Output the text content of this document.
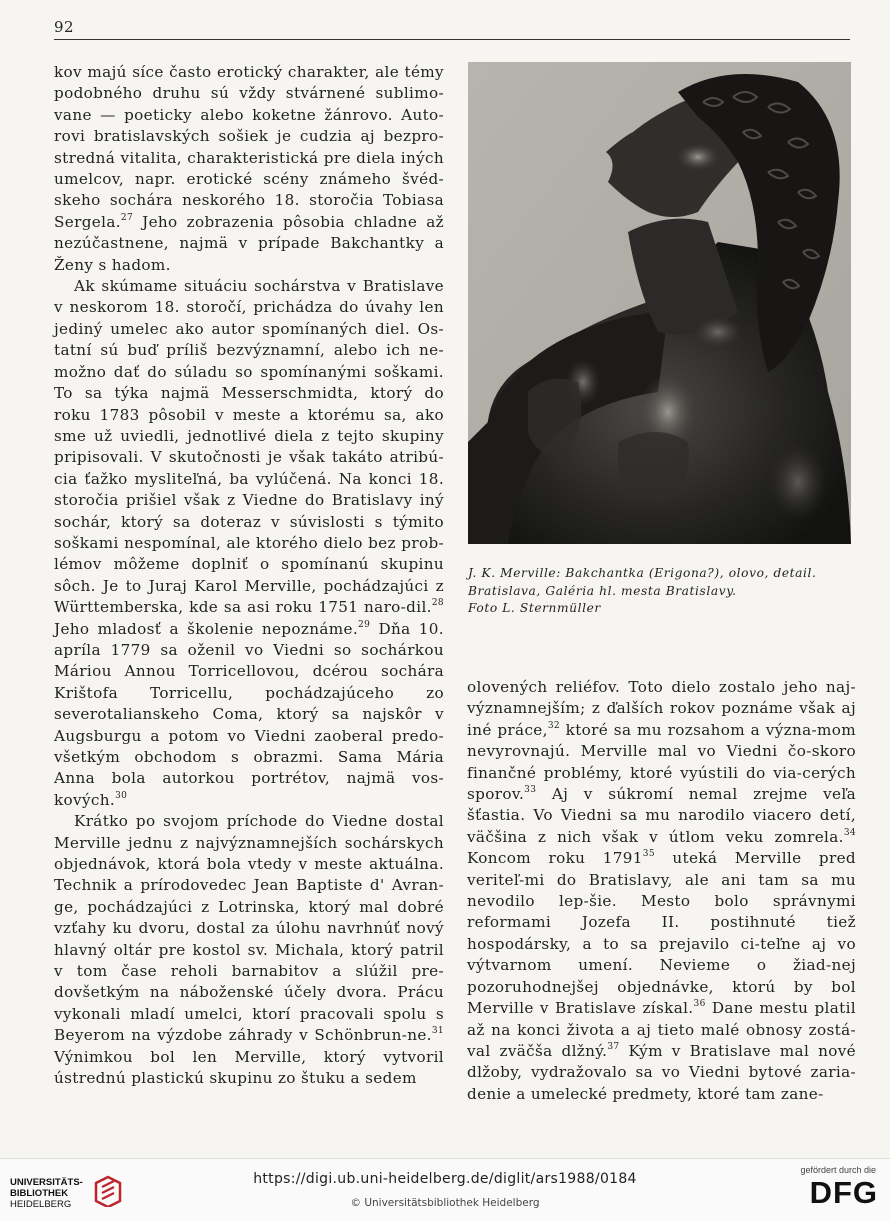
92

kov majú síce často erotický charakter, ale témy podobného druhu sú vždy stvárnené sublimo-vane — poeticky alebo koketne žánrovo. Auto-rovi bratislavských sošiek je cudzia aj bezpro-stredná vitalita, charakteristická pre diela iných umelcov, napr. erotické scény známeho švéd-skeho sochára neskorého 18. storočia Tobiasa Sergela.$^{27}$ Jeho zobrazenia pôsobia chladne až nezúčastnene, najmä v prípade Bakchantky a Ženy s hadom.

Ak skúmame situáciu sochárstva v Bratislave v neskorom 18. storočí, prichádza do úvahy len jediný umelec ako autor spomínaných diel. Os-tatní sú buď príliš bezvýznamní, alebo ich ne-možno dať do súladu so spomínanými soškami. To sa týka najmä Messerschmidta, ktorý do roku 1783 pôsobil v meste a ktorému sa, ako sme už uviedli, jednotlivé diela z tejto skupiny pripisovali. V skutočnosti je však takáto atribú-cia ťažko mysliteľná, ba vylúčená. Na konci 18. storočia prišiel však z Viedne do Bratislavy iný sochár, ktorý sa doteraz v súvislosti s týmito soškami nespomínal, ale ktorého dielo bez prob-lémov môžeme doplniť o spomínanú skupinu sôch. Je to Juraj Karol Merville, pochádzajúci z Württemberska, kde sa asi roku 1751 naro-dil.$^{28}$ Jeho mladosť a školenie nepoznáme.$^{29}$ Dňa 10. apríla 1779 sa oženil vo Viedni so sochárkou Máriou Annou Torricellovou, dcérou sochára Krištofa Torricellu, pochádzajúceho zo severotalianskeho Coma, ktorý sa najskôr v Augsburgu a potom vo Viedni zaoberal predo-všetkým obchodom s obrazmi. Sama Mária Anna bola autorkou portrétov, najmä vos-kových.$^{30}$

Krátko po svojom príchode do Viedne dostal Merville jednu z najvýznamnejších sochárskych objednávok, ktorá bola vtedy v meste aktuálna. Technik a prírodovedec Jean Baptiste d' Avran-ge, pochádzajúci z Lotrinska, ktorý mal dobré vzťahy ku dvoru, dostal za úlohu navrhnúť nový hlavný oltár pre kostol sv. Michala, ktorý patril v tom čase reholi barnabitov a slúžil pre-dovšetkým na náboženské účely dvora. Prácu vykonali mladí umelci, ktorí pracovali spolu s Beyerom na výzdobe záhrady v Schönbrun-ne.$^{31}$ Výnimkou bol len Merville, ktorý vytvoril ústrednú plastickú skupinu zo štuku a sedem

J. K. Merville: Bakchantka (Erigona?), olovo, detail.
Bratislava, Galéria hl. mesta Bratislavy.
Foto L. Sternmüller

olovených reliéfov. Toto dielo zostalo jeho naj-významnejším; z ďalších rokov poznáme však aj iné práce,$^{32}$ ktoré sa mu rozsahom a význa-mom nevyrovnajú. Merville mal vo Viedni čo-skoro finančné problémy, ktoré vyústili do via-cerých sporov.$^{33}$ Aj v súkromí nemal zrejme veľa šťastia. Vo Viedni sa mu narodilo viacero detí, väčšina z nich však v útlom veku zomrela.$^{34}$ Koncom roku 1791$^{35}$ uteká Merville pred veriteľ-mi do Bratislavy, ale ani tam sa mu nevodilo lep-šie. Mesto bolo správnymi reformami Jozefa II. postihnuté tiež hospodársky, a to sa prejavilo ci-teľne aj vo výtvarnom umení. Nevieme o žiad-nej pozoruhodnejšej objednávke, ktorú by bol Merville v Bratislave získal.$^{36}$ Dane mestu platil až na konci života a aj tieto malé obnosy zostá-val zväčša dlžný.$^{37}$ Kým v Bratislave mal nové dlžoby, vydražovalo sa vo Viedni bytové zaria-denie a umelecké predmety, ktoré tam zane-

UNIVERSITÄTS-
BIBLIOTHEK
HEIDELBERG
https://digi.ub.uni-heidelberg.de/diglit/ars1988/0184
© Universitätsbibliothek Heidelberg
gefördert durch die
DFG
